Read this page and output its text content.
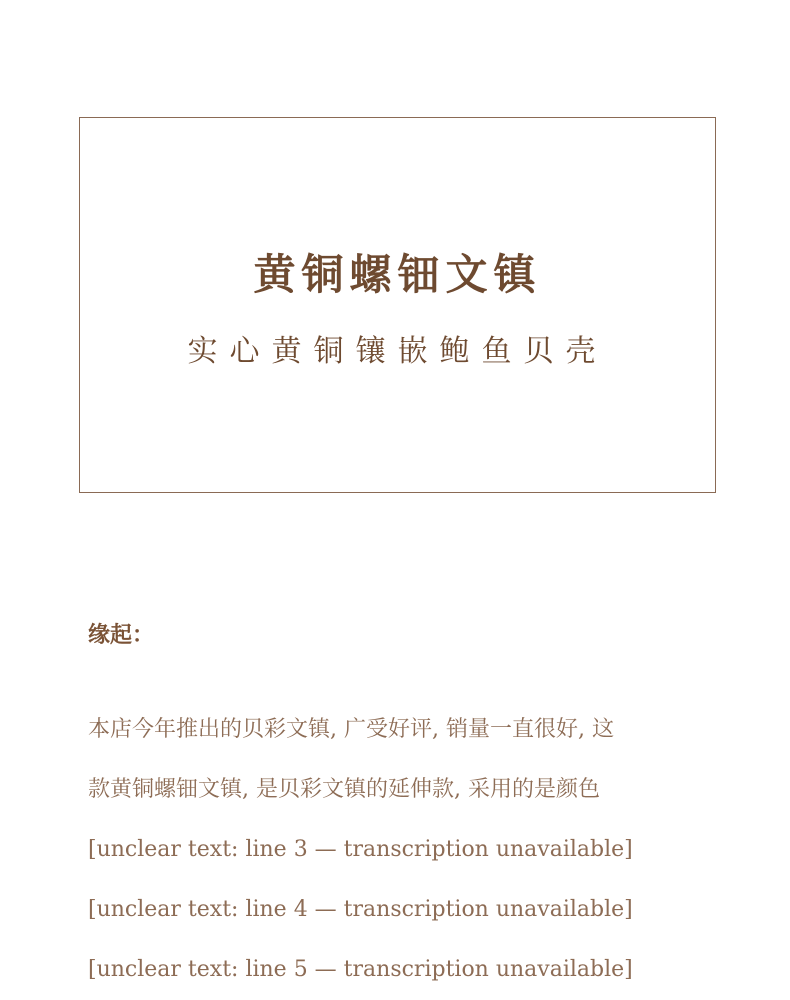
黄铜螺钿文镇
实心黄铜镶嵌鲍鱼贝壳
缘起：
本店今年推出的贝彩文镇, 广受好评, 销量一直很好, 这
款黄铜螺钿文镇, 是贝彩文镇的延伸款, 采用的是颜色
[unclear text: line 3 — transcription unavailable]
[unclear text: line 4 — transcription unavailable]
[unclear text: line 5 — transcription unavailable]
